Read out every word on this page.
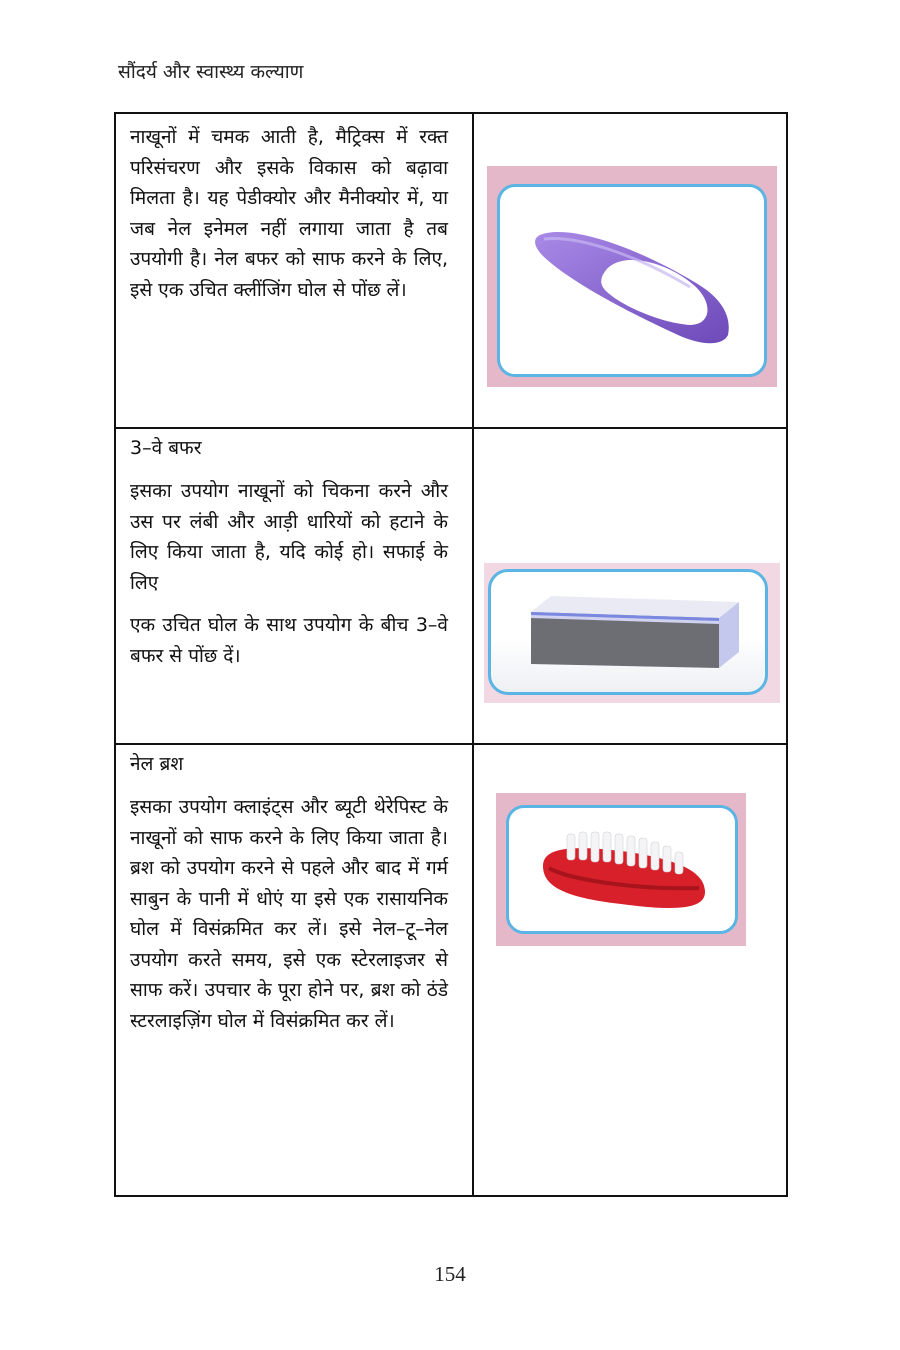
सौंदर्य और स्वास्थ्य कल्याण

नाखूनों में चमक आती है, मैट्रिक्स में रक्त परिसंचरण और इसके विकास को बढ़ावा मिलता है। यह पेडीक्योर और मैनीक्योर में, या जब नेल इनेमल नहीं लगाया जाता है तब उपयोगी है। नेल बफर को साफ करने के लिए, इसे एक उचित क्लींजिंग घोल से पोंछ लें।

3–वे बफर

इसका उपयोग नाखूनों को चिकना करने और उस पर लंबी और आड़ी धारियों को हटाने के लिए किया जाता है, यदि कोई हो। सफाई के लिए

एक उचित घोल के साथ उपयोग के बीच 3–वे बफर से पोंछ दें।

नेल ब्रश

इसका उपयोग क्लाइंट्स और ब्यूटी थेरेपिस्ट के नाखूनों को साफ करने के लिए किया जाता है। ब्रश को उपयोग करने से पहले और बाद में गर्म साबुन के पानी में धोएं या इसे एक रासायनिक घोल में विसंक्रमित कर लें। इसे नेल–टू–नेल उपयोग करते समय, इसे एक स्टेरलाइजर से साफ करें। उपचार के पूरा होने पर, ब्रश को ठंडे स्टरलाइज़िंग घोल में विसंक्रमित कर लें।

154
